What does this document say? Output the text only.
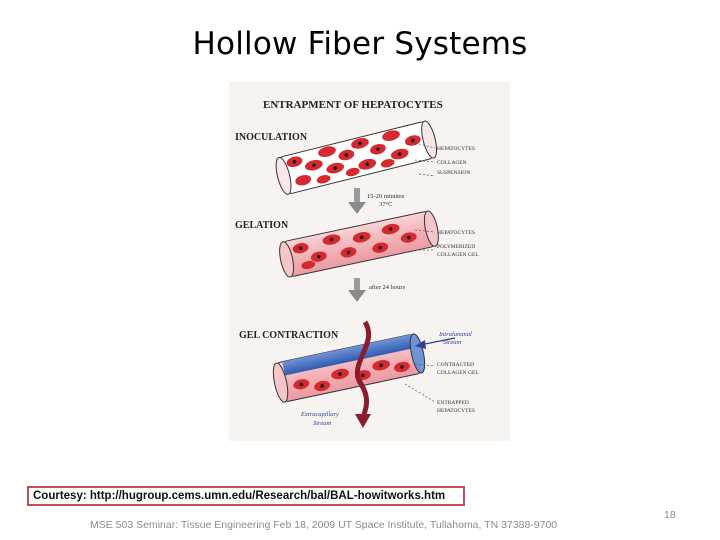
Hollow Fiber Systems
ENTRAPMENT OF HEPATOCYTES
INOCULATION
HEPATOCYTES
COLLAGEN
SUSPENSION
15-20 minutes
37°C
GELATION
HEPATOCYTES
POLYMERIZED
COLLAGEN GEL
after 24 hours
GEL CONTRACTION	Intraluminal
Stream
CONTRACTED
COLLAGEN GEL
ENTRAPPED
HEPATOCYTES
Extracapillary
Stream
Courtesy: http://hugroup.cems.umn.edu/Research/bal/BAL-howitworks.htm
MSE 503 Seminar: Tissue Engineering Feb 18, 2009 UT Space Institute, Tullahoma, TN 37388-9700
18
